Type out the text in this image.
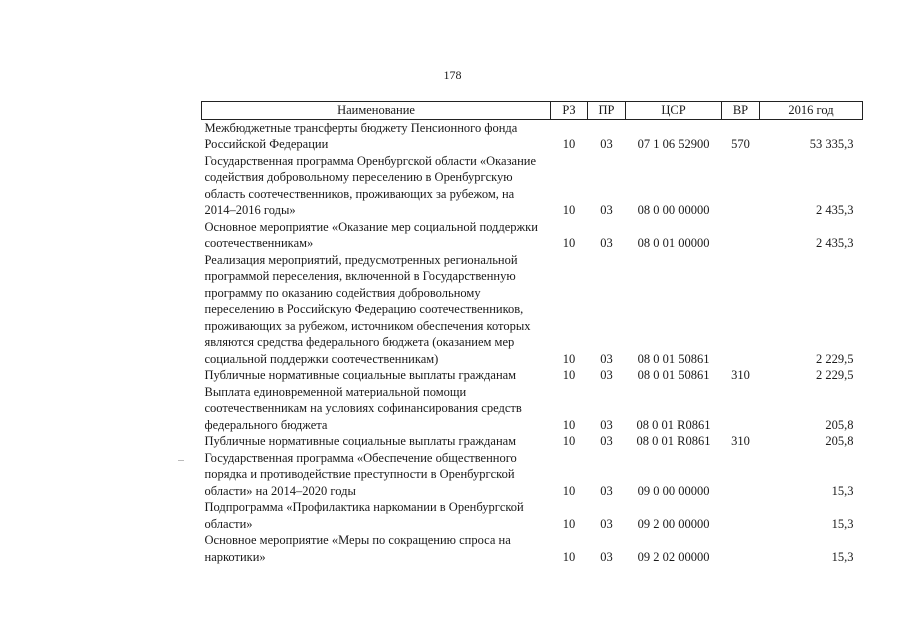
178
Наименование	РЗ	ПР	ЦСР	ВР	2016 год
Межбюджетные трансферты бюджету Пенсионного фонда Российской Федерации	10	03	07 1 06 52900	570	53 335,3
Государственная программа Оренбургской области «Оказание содействия добровольному переселению в Оренбургскую область соотечественников, проживающих за рубежом, на 2014–2016 годы»	10	03	08 0 00 00000		2 435,3
Основное мероприятие «Оказание мер социальной поддержки соотечественникам»	10	03	08 0 01 00000		2 435,3
Реализация мероприятий, предусмотренных региональной программой переселения, включенной в Государственную программу по оказанию содействия добровольному переселению в Российскую Федерацию соотечественников, проживающих за рубежом, источником обеспечения которых являются средства федерального бюджета (оказанием мер социальной поддержки соотечественникам)	10	03	08 0 01 50861		2 229,5
Публичные нормативные социальные выплаты гражданам	10	03	08 0 01 50861	310	2 229,5
Выплата единовременной материальной помощи соотечественникам на условиях софинансирования средств федерального бюджета	10	03	08 0 01 R0861		205,8
Публичные нормативные социальные выплаты гражданам	10	03	08 0 01 R0861	310	205,8
Государственная программа «Обеспечение общественного порядка и противодействие преступности в Оренбургской области» на 2014–2020 годы	10	03	09 0 00 00000		15,3
Подпрограмма «Профилактика наркомании в Оренбургской области»	10	03	09 2 00 00000		15,3
Основное мероприятие «Меры по сокращению спроса на наркотики»	10	03	09 2 02 00000		15,3
